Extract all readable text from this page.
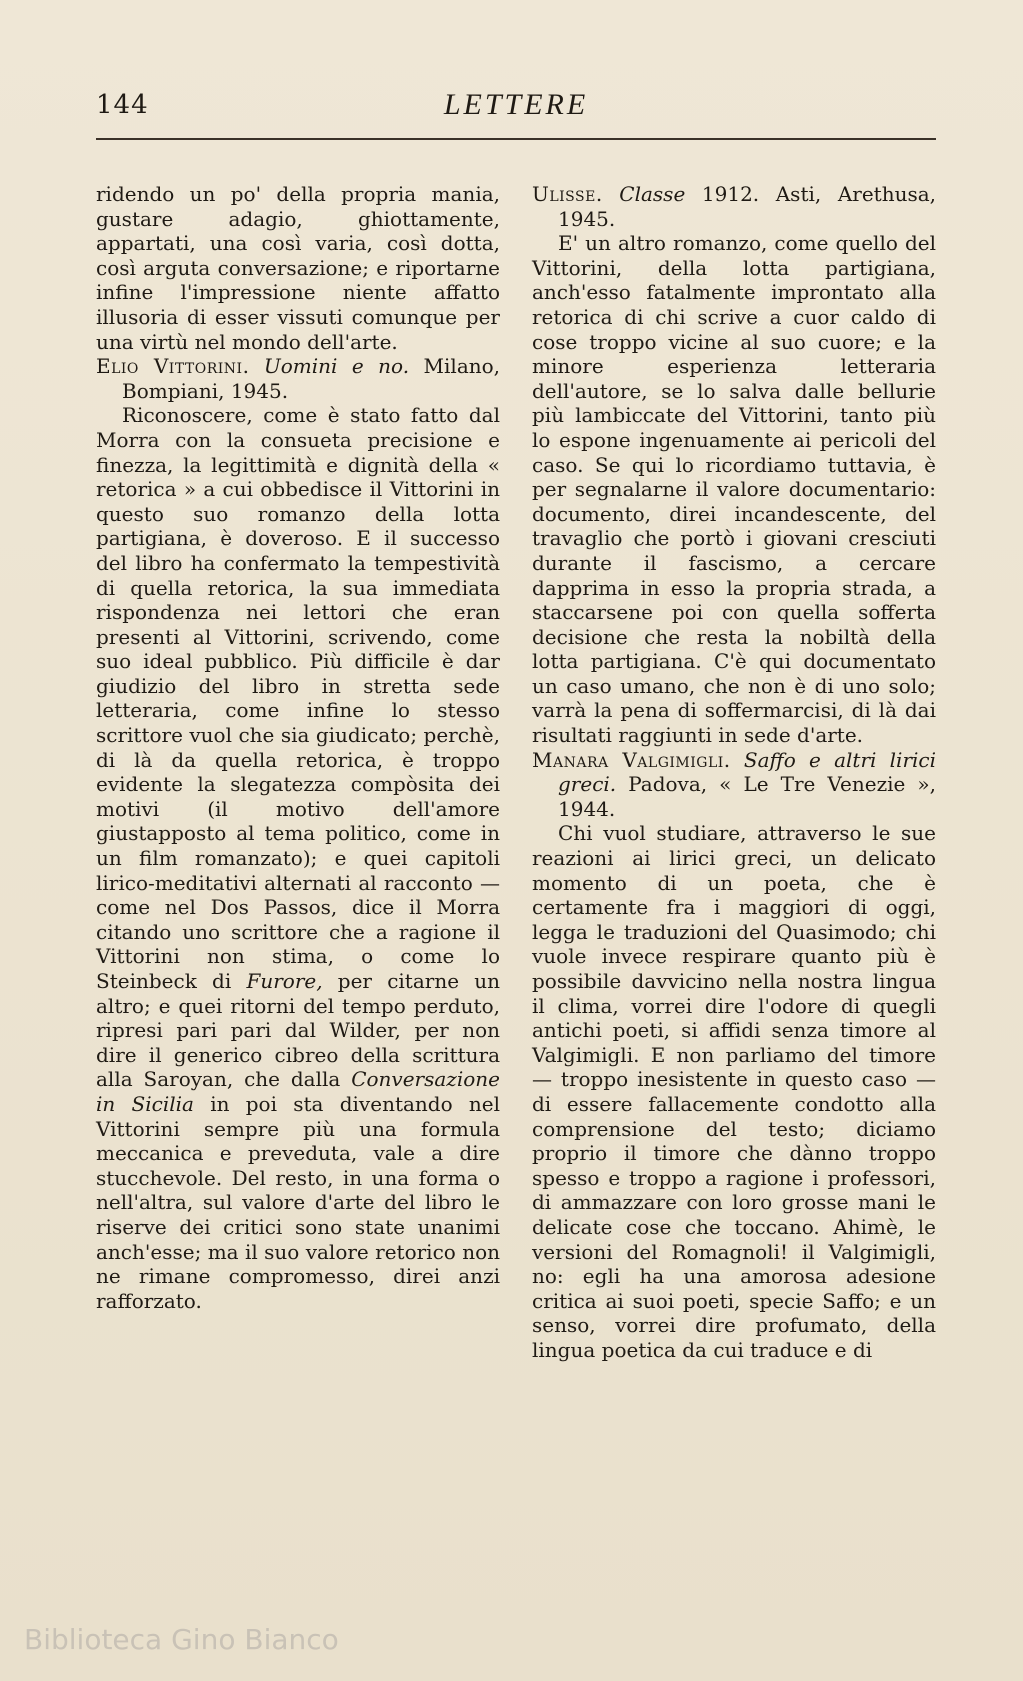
144	LETTERE

ridendo un po' della propria mania, gustare adagio, ghiottamente, appartati, una così varia, così dotta, così arguta conversazione; e riportarne infine l'impressione niente affatto illusoria di esser vissuti comunque per una virtù nel mondo dell'arte.

Elio Vittorini. Uomini e no. Milano, Bompiani, 1945.

Riconoscere, come è stato fatto dal Morra con la consueta precisione e finezza, la legittimità e dignità della « retorica » a cui obbedisce il Vittorini in questo suo romanzo della lotta partigiana, è doveroso. E il successo del libro ha confermato la tempestività di quella retorica, la sua immediata rispondenza nei lettori che eran presenti al Vittorini, scrivendo, come suo ideal pubblico. Più difficile è dar giudizio del libro in stretta sede letteraria, come infine lo stesso scrittore vuol che sia giudicato; perchè, di là da quella retorica, è troppo evidente la slegatezza compòsita dei motivi (il motivo dell'amore giustapposto al tema politico, come in un film romanzato); e quei capitoli lirico-meditativi alternati al racconto — come nel Dos Passos, dice il Morra citando uno scrittore che a ragione il Vittorini non stima, o come lo Steinbeck di Furore, per citarne un altro; e quei ritorni del tempo perduto, ripresi pari pari dal Wilder, per non dire il generico cibreo della scrittura alla Saroyan, che dalla Conversazione in Sicilia in poi sta diventando nel Vittorini sempre più una formula meccanica e preveduta, vale a dire stucchevole. Del resto, in una forma o nell'altra, sul valore d'arte del libro le riserve dei critici sono state unanimi anch'esse; ma il suo valore retorico non ne rimane compromesso, direi anzi rafforzato.

Ulisse. Classe 1912. Asti, Arethusa, 1945.

E' un altro romanzo, come quello del Vittorini, della lotta partigiana, anch'esso fatalmente improntato alla retorica di chi scrive a cuor caldo di cose troppo vicine al suo cuore; e la minore esperienza letteraria dell'autore, se lo salva dalle bellurie più lambiccate del Vittorini, tanto più lo espone ingenuamente ai pericoli del caso. Se qui lo ricordiamo tuttavia, è per segnalarne il valore documentario: documento, direi incandescente, del travaglio che portò i giovani cresciuti durante il fascismo, a cercare dapprima in esso la propria strada, a staccarsene poi con quella sofferta decisione che resta la nobiltà della lotta partigiana. C'è qui documentato un caso umano, che non è di uno solo; varrà la pena di soffermarcisi, di là dai risultati raggiunti in sede d'arte.

Manara Valgimigli. Saffo e altri lirici greci. Padova, « Le Tre Venezie », 1944.

Chi vuol studiare, attraverso le sue reazioni ai lirici greci, un delicato momento di un poeta, che è certamente fra i maggiori di oggi, legga le traduzioni del Quasimodo; chi vuole invece respirare quanto più è possibile davvicino nella nostra lingua il clima, vorrei dire l'odore di quegli antichi poeti, si affidi senza timore al Valgimigli. E non parliamo del timore — troppo inesistente in questo caso — di essere fallacemente condotto alla comprensione del testo; diciamo proprio il timore che dànno troppo spesso e troppo a ragione i professori, di ammazzare con loro grosse mani le delicate cose che toccano. Ahimè, le versioni del Romagnoli! il Valgimigli, no: egli ha una amorosa adesione critica ai suoi poeti, specie Saffo; e un senso, vorrei dire profumato, della lingua poetica da cui traduce e di

Biblioteca Gino Bianco
